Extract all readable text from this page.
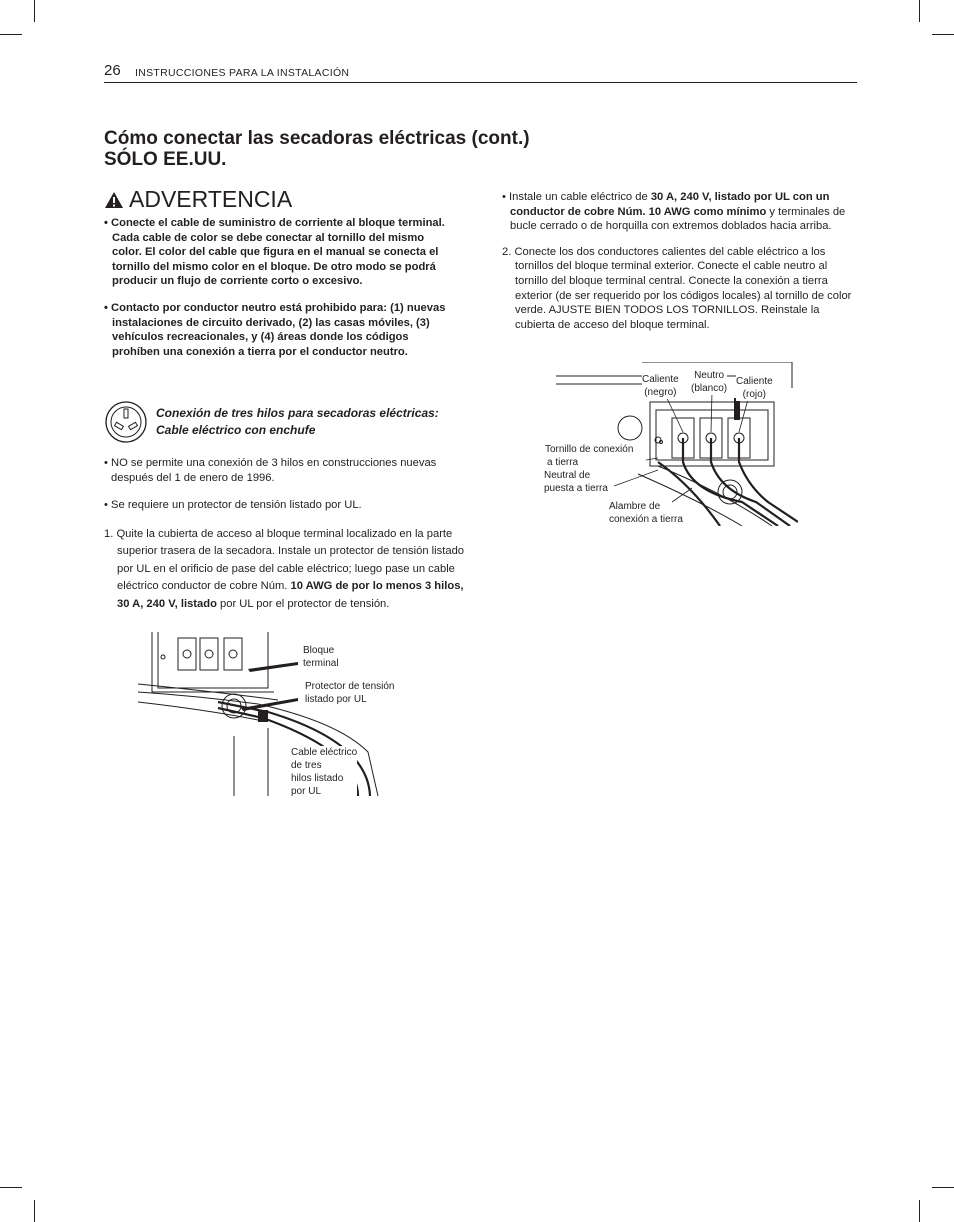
26 INSTRUCCIONES PARA LA INSTALACIÓN
Cómo conectar las secadoras eléctricas (cont.)
SÓLO EE.UU.
ADVERTENCIA

• Conecte el cable de suministro de corriente al bloque terminal. Cada cable de color se debe conectar al tornillo del mismo color. El color del cable que figura en el manual se conecta el tornillo del mismo color en el bloque. De otro modo se podrá producir un flujo de corriente corto o excesivo.

• Contacto por conductor neutro está prohibido para: (1) nuevas instalaciones de circuito derivado, (2) las casas móviles, (3) vehículos recreacionales, y (4) áreas donde los códigos prohíben una conexión a tierra por el conductor neutro.

Conexión de tres hilos para secadoras eléctricas:
Cable eléctrico con enchufe

• NO se permite una conexión de 3 hilos en construcciones nuevas después del 1 de enero de 1996.

• Se requiere un protector de tensión listado por UL.

1. Quite la cubierta de acceso al bloque terminal localizado en la parte superior trasera de la secadora. Instale un protector de tensión listado por UL en el orificio de pase del cable eléctrico; luego pase un cable eléctrico conductor de cobre Núm. 10 AWG de por lo menos 3 hilos, 30 A, 240 V, listado por UL por el protector de tensión.

Bloque
terminal
Protector de tensión
listado por UL
Cable eléctrico
de tres
hilos listado
por UL

• Instale un cable eléctrico de 30 A, 240 V, listado por UL con un conductor de cobre Núm. 10 AWG como mínimo y terminales de bucle cerrado o de horquilla con extremos doblados hacia arriba.

2. Conecte los dos conductores calientes del cable eléctrico a los tornillos del bloque terminal exterior. Conecte el cable neutro al tornillo del bloque terminal central. Conecte la conexión a tierra exterior (de ser requerido por los códigos locales) al tornillo de color verde. AJUSTE BIEN TODOS LOS TORNILLOS. Reinstale la cubierta de acceso del bloque terminal.

Caliente
(negro)
Neutro
(blanco)
Caliente
(rojo)
Tornillo de conexión
a tierra
Neutral de
puesta a tierra
Alambre de
conexión a tierra
